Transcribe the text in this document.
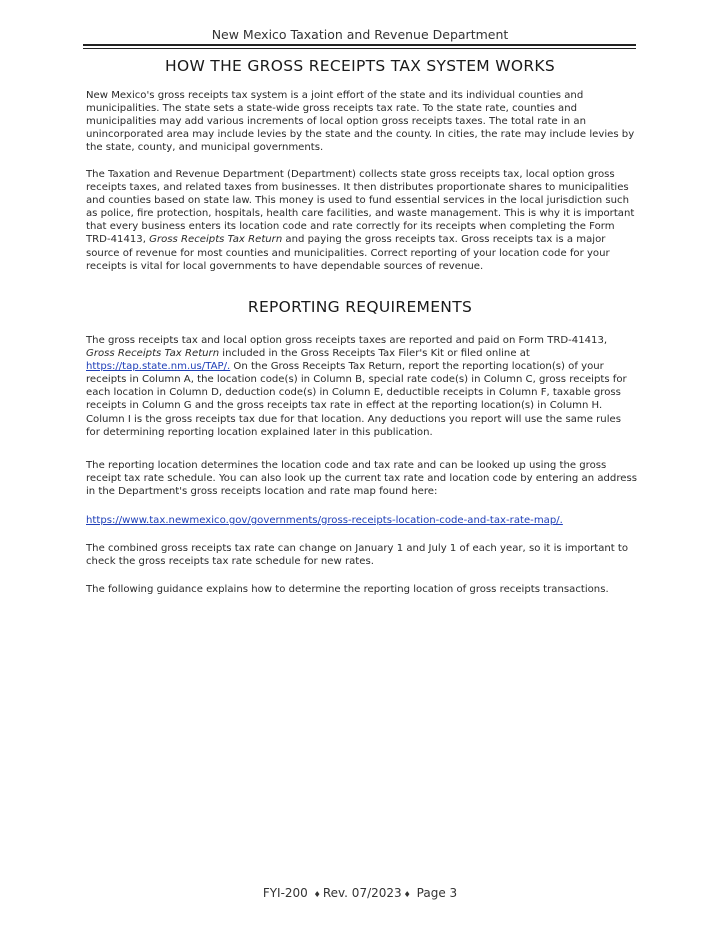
New Mexico Taxation and Revenue Department
HOW THE GROSS RECEIPTS TAX SYSTEM WORKS

New Mexico's gross receipts tax system is a joint effort of the state and its individual counties and municipalities. The state sets a state-wide gross receipts tax rate. To the state rate, counties and municipalities may add various increments of local option gross receipts taxes. The total rate in an unincorporated area may include levies by the state and the county. In cities, the rate may include levies by the state, county, and municipal governments.

The Taxation and Revenue Department (Department) collects state gross receipts tax, local option gross receipts taxes, and related taxes from businesses. It then distributes proportionate shares to municipalities and counties based on state law. This money is used to fund essential services in the local jurisdiction such as police, fire protection, hospitals, health care facilities, and waste management. This is why it is important that every business enters its location code and rate correctly for its receipts when completing the Form TRD-41413, Gross Receipts Tax Return and paying the gross receipts tax. Gross receipts tax is a major source of revenue for most counties and municipalities. Correct reporting of your location code for your receipts is vital for local governments to have dependable sources of revenue.

REPORTING REQUIREMENTS

The gross receipts tax and local option gross receipts taxes are reported and paid on Form TRD-41413, Gross Receipts Tax Return included in the Gross Receipts Tax Filer's Kit or filed online at https://tap.state.nm.us/TAP/. On the Gross Receipts Tax Return, report the reporting location(s) of your receipts in Column A, the location code(s) in Column B, special rate code(s) in Column C, gross receipts for each location in Column D, deduction code(s) in Column E, deductible receipts in Column F, taxable gross receipts in Column G and the gross receipts tax rate in effect at the reporting location(s) in Column H. Column I is the gross receipts tax due for that location. Any deductions you report will use the same rules for determining reporting location explained later in this publication.

The reporting location determines the location code and tax rate and can be looked up using the gross receipt tax rate schedule. You can also look up the current tax rate and location code by entering an address in the Department's gross receipts location and rate map found here:

https://www.tax.newmexico.gov/governments/gross-receipts-location-code-and-tax-rate-map/.

The combined gross receipts tax rate can change on January 1 and July 1 of each year, so it is important to check the gross receipts tax rate schedule for new rates.

The following guidance explains how to determine the reporting location of gross receipts transactions.

FYI-200 ♦ Rev. 07/2023 ♦ Page 3
